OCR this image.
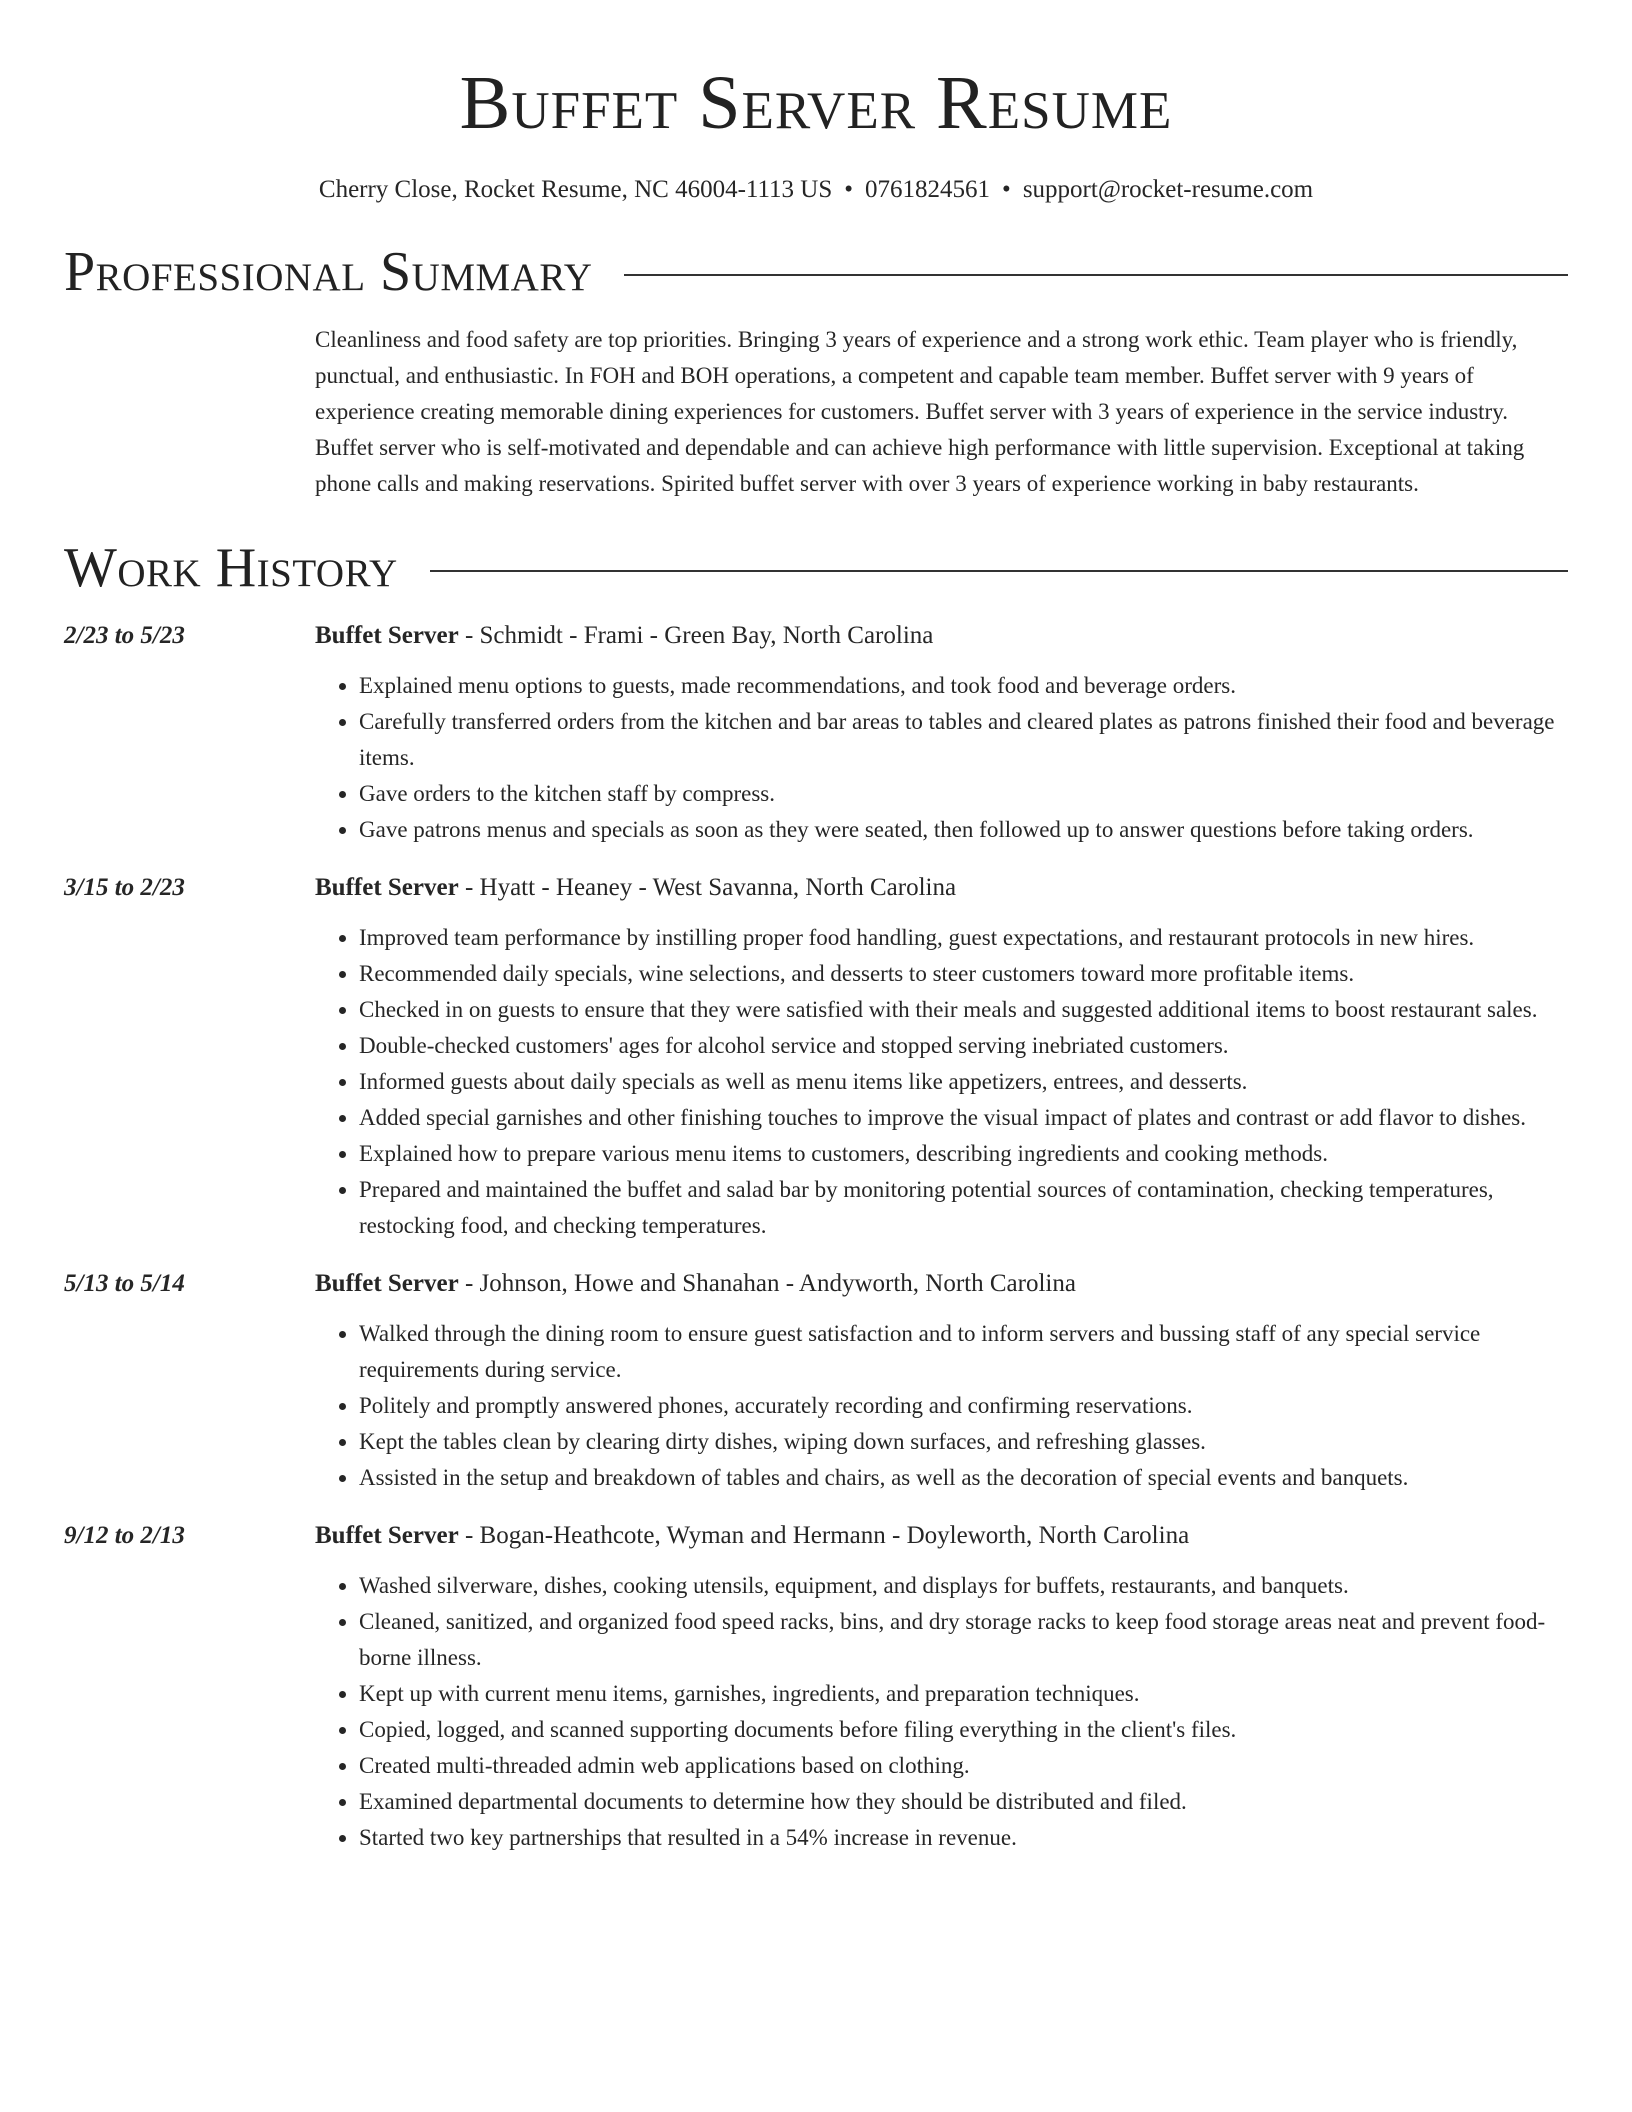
Buffet Server Resume
Cherry Close, Rocket Resume, NC 46004-1113 US • 0761824561 • support@rocket-resume.com
Professional Summary
Cleanliness and food safety are top priorities. Bringing 3 years of experience and a strong work ethic. Team player who is friendly, punctual, and enthusiastic. In FOH and BOH operations, a competent and capable team member. Buffet server with 9 years of experience creating memorable dining experiences for customers. Buffet server with 3 years of experience in the service industry. Buffet server who is self-motivated and dependable and can achieve high performance with little supervision. Exceptional at taking phone calls and making reservations. Spirited buffet server with over 3 years of experience working in baby restaurants.
Work History
2/23 to 5/23	Buffet Server - Schmidt - Frami - Green Bay, North Carolina
• Explained menu options to guests, made recommendations, and took food and beverage orders.
• Carefully transferred orders from the kitchen and bar areas to tables and cleared plates as patrons finished their food and beverage items.
• Gave orders to the kitchen staff by compress.
• Gave patrons menus and specials as soon as they were seated, then followed up to answer questions before taking orders.
3/15 to 2/23	Buffet Server - Hyatt - Heaney - West Savanna, North Carolina
• Improved team performance by instilling proper food handling, guest expectations, and restaurant protocols in new hires.
• Recommended daily specials, wine selections, and desserts to steer customers toward more profitable items.
• Checked in on guests to ensure that they were satisfied with their meals and suggested additional items to boost restaurant sales.
• Double-checked customers' ages for alcohol service and stopped serving inebriated customers.
• Informed guests about daily specials as well as menu items like appetizers, entrees, and desserts.
• Added special garnishes and other finishing touches to improve the visual impact of plates and contrast or add flavor to dishes.
• Explained how to prepare various menu items to customers, describing ingredients and cooking methods.
• Prepared and maintained the buffet and salad bar by monitoring potential sources of contamination, checking temperatures, restocking food, and checking temperatures.
5/13 to 5/14	Buffet Server - Johnson, Howe and Shanahan - Andyworth, North Carolina
• Walked through the dining room to ensure guest satisfaction and to inform servers and bussing staff of any special service requirements during service.
• Politely and promptly answered phones, accurately recording and confirming reservations.
• Kept the tables clean by clearing dirty dishes, wiping down surfaces, and refreshing glasses.
• Assisted in the setup and breakdown of tables and chairs, as well as the decoration of special events and banquets.
9/12 to 2/13	Buffet Server - Bogan-Heathcote, Wyman and Hermann - Doyleworth, North Carolina
• Washed silverware, dishes, cooking utensils, equipment, and displays for buffets, restaurants, and banquets.
• Cleaned, sanitized, and organized food speed racks, bins, and dry storage racks to keep food storage areas neat and prevent food-borne illness.
• Kept up with current menu items, garnishes, ingredients, and preparation techniques.
• Copied, logged, and scanned supporting documents before filing everything in the client's files.
• Created multi-threaded admin web applications based on clothing.
• Examined departmental documents to determine how they should be distributed and filed.
• Started two key partnerships that resulted in a 54% increase in revenue.
